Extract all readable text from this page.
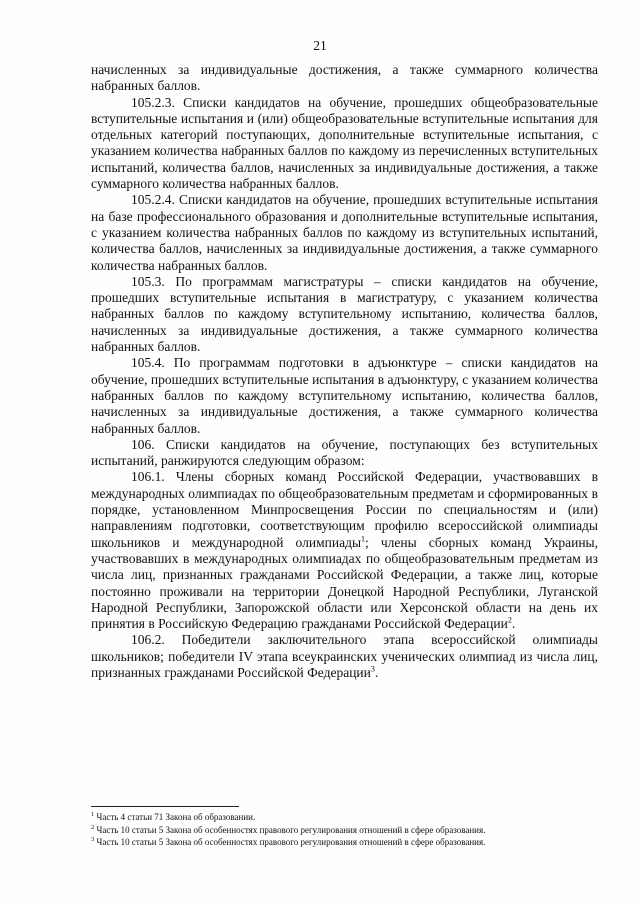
21

начисленных за индивидуальные достижения, а также суммарного количества набранных баллов.

105.2.3. Списки кандидатов на обучение, прошедших общеобразовательные вступительные испытания и (или) общеобразовательные вступительные испытания для отдельных категорий поступающих, дополнительные вступительные испытания, с указанием количества набранных баллов по каждому из перечисленных вступительных испытаний, количества баллов, начисленных за индивидуальные достижения, а также суммарного количества набранных баллов.

105.2.4. Списки кандидатов на обучение, прошедших вступительные испытания на базе профессионального образования и дополнительные вступительные испытания, с указанием количества набранных баллов по каждому из вступительных испытаний, количества баллов, начисленных за индивидуальные достижения, а также суммарного количества набранных баллов.

105.3. По программам магистратуры – списки кандидатов на обучение, прошедших вступительные испытания в магистратуру, с указанием количества набранных баллов по каждому вступительному испытанию, количества баллов, начисленных за индивидуальные достижения, а также суммарного количества набранных баллов.

105.4. По программам подготовки в адъюнктуре – списки кандидатов на обучение, прошедших вступительные испытания в адъюнктуру, с указанием количества набранных баллов по каждому вступительному испытанию, количества баллов, начисленных за индивидуальные достижения, а также суммарного количества набранных баллов.

106. Списки кандидатов на обучение, поступающих без вступительных испытаний, ранжируются следующим образом:

106.1. Члены сборных команд Российской Федерации, участвовавших в международных олимпиадах по общеобразовательным предметам и сформированных в порядке, установленном Минпросвещения России по специальностям и (или) направлениям подготовки, соответствующим профилю всероссийской олимпиады школьников и международной олимпиады$^1$; члены сборных команд Украины, участвовавших в международных олимпиадах по общеобразовательным предметам из числа лиц, признанных гражданами Российской Федерации, а также лиц, которые постоянно проживали на территории Донецкой Народной Республики, Луганской Народной Республики, Запорожской области или Херсонской области на день их принятия в Российскую Федерацию гражданами Российской Федерации$^2$.

106.2. Победители заключительного этапа всероссийской олимпиады школьников; победители IV этапа всеукраинских ученических олимпиад из числа лиц, признанных гражданами Российской Федерации$^3$.

$^1$ Часть 4 статьи 71 Закона об образовании.

$^2$ Часть 10 статьи 5 Закона об особенностях правового регулирования отношений в сфере образования.

$^3$ Часть 10 статьи 5 Закона об особенностях правового регулирования отношений в сфере образования.
